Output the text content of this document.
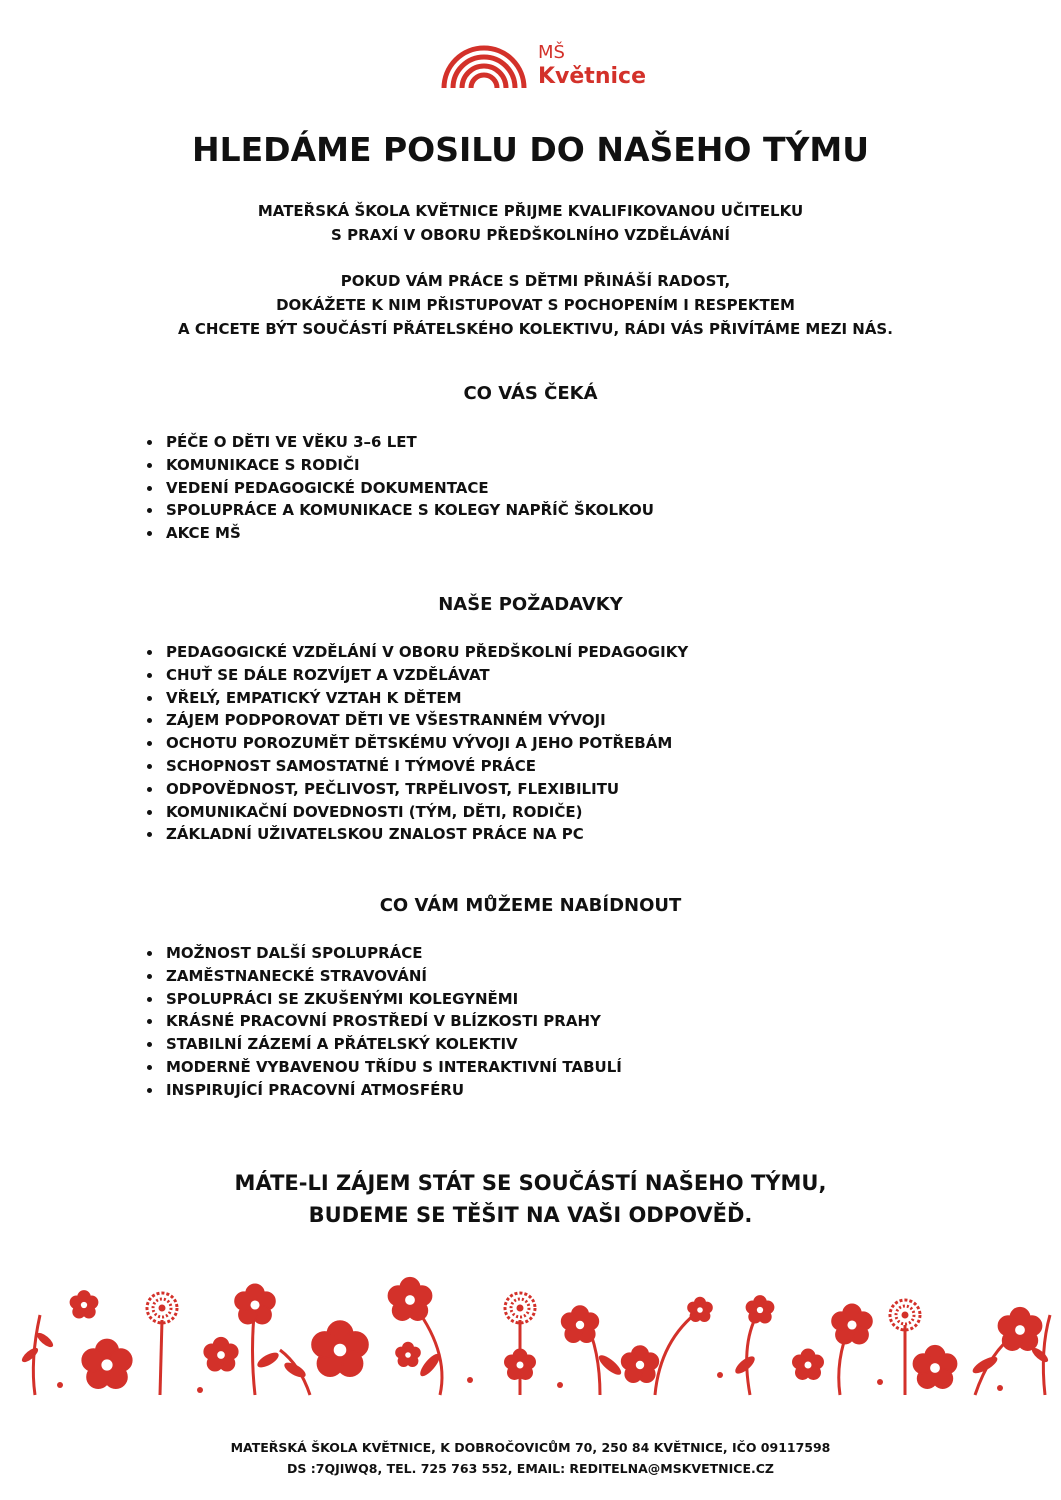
MŠ
Květnice
HLEDÁME POSILU DO NAŠEHO TÝMU
MATEŘSKÁ ŠKOLA KVĚTNICE PŘIJME KVALIFIKOVANOU UČITELKU
S PRAXÍ V OBORU PŘEDŠKOLNÍHO VZDĚLÁVÁNÍ
POKUD VÁM PRÁCE S DĚTMI PŘINÁŠÍ RADOST,
DOKÁŽETE K NIM PŘISTUPOVAT S POCHOPENÍM I RESPEKTEM
A CHCETE BÝT SOUČÁSTÍ PŘÁTELSKÉHO KOLEKTIVU, RÁDI VÁS PŘIVÍTÁME MEZI NÁS.
CO VÁS ČEKÁ
PÉČE O DĚTI VE VĚKU 3–6 LET
KOMUNIKACE S RODIČI
VEDENÍ PEDAGOGICKÉ DOKUMENTACE
SPOLUPRÁCE A KOMUNIKACE S KOLEGY NAPŘÍČ ŠKOLKOU
AKCE MŠ
NAŠE POŽADAVKY
PEDAGOGICKÉ VZDĚLÁNÍ V OBORU PŘEDŠKOLNÍ PEDAGOGIKY
CHUŤ SE DÁLE ROZVÍJET A VZDĚLÁVAT
VŘELÝ, EMPATICKÝ VZTAH K DĚTEM
ZÁJEM PODPOROVAT DĚTI VE VŠESTRANNÉM VÝVOJI
OCHOTU POROZUMĚT DĚTSKÉMU VÝVOJI A JEHO POTŘEBÁM
SCHOPNOST SAMOSTATNÉ I TÝMOVÉ PRÁCE
ODPOVĚDNOST, PEČLIVOST, TRPĚLIVOST, FLEXIBILITU
KOMUNIKAČNÍ DOVEDNOSTI (TÝM, DĚTI, RODIČE)
ZÁKLADNÍ UŽIVATELSKOU ZNALOST PRÁCE NA PC
CO VÁM MŮŽEME NABÍDNOUT
MOŽNOST DALŠÍ SPOLUPRÁCE
ZAMĚSTNANECKÉ STRAVOVÁNÍ
SPOLUPRÁCI SE ZKUŠENÝMI KOLEGYNĚMI
KRÁSNÉ PRACOVNÍ PROSTŘEDÍ V BLÍZKOSTI PRAHY
STABILNÍ ZÁZEMÍ A PŘÁTELSKÝ KOLEKTIV
MODERNĚ VYBAVENOU TŘÍDU S INTERAKTIVNÍ TABULÍ
INSPIRUJÍCÍ PRACOVNÍ ATMOSFÉRU
MÁTE-LI ZÁJEM STÁT SE SOUČÁSTÍ NAŠEHO TÝMU,
BUDEME SE TĚŠIT NA VAŠI ODPOVĚĎ.
MATEŘSKÁ ŠKOLA KVĚTNICE, K DOBROČOVICŮM 70, 250 84 KVĚTNICE, IČO 09117598
DS :7QJIWQ8, TEL. 725 763 552, EMAIL: REDITELNA@MSKVETNICE.CZ
